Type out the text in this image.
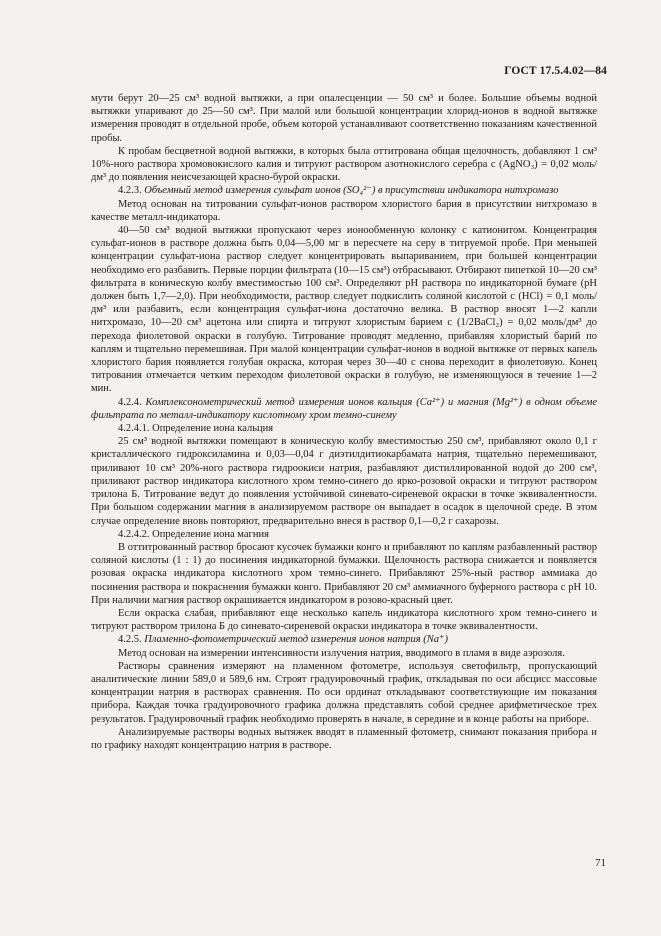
ГОСТ 17.5.4.02—84

мути берут 20—25 см³ водной вытяжки, а при опалесценции — 50 см³ и более. Большие объемы водной вытяжки упаривают до 25—50 см³. При малой или большой концентрации хлорид-ионов в водной вытяжке измерения проводят в отдельной пробе, объем которой устанавливают соответственно показаниям качественной пробы.

К пробам бесцветной водной вытяжки, в которых была оттитрована общая щелочность, добавляют 1 см³ 10%-ного раствора хромовокислого калия и титруют раствором азотнокислого серебра c (AgNO₃) = 0,02 моль/дм³ до появления неисчезающей красно-бурой окраски.

4.2.3. Объемный метод измерения сульфат ионов (SO₄²⁻) в присутствии индикатора нитхромазо

Метод основан на титровании сульфат-ионов раствором хлористого бария в присутствии нитхромазо в качестве металл-индикатора.

40—50 см³ водной вытяжки пропускают через ионообменную колонку с катионитом. Концентрация сульфат-ионов в растворе должна быть 0,04—5,00 мг в пересчете на серу в титруемой пробе. При меньшей концентрации сульфат-иона раствор следует концентрировать выпариванием, при большей концентрации необходимо его разбавить. Первые порции фильтрата (10—15 см³) отбрасывают. Отбирают пипеткой 10—20 см³ фильтрата в коническую колбу вместимостью 100 см³. Определяют pH раствора по индикаторной бумаге (pH должен быть 1,7—2,0). При необходимости, раствор следует подкислить соляной кислотой c (HCl) = 0,1 моль/дм³ или разбавить, если концентрация сульфат-иона достаточно велика. В раствор вносят 1—2 капли нитхромазо, 10—20 см³ ацетона или спирта и титруют хлористым барием c (1/2BaCl₂) = 0,02 моль/дм³ до перехода фиолетовой окраски в голубую. Титрование проводят медленно, прибавляя хлористый барий по каплям и тщательно перемешивая. При малой концентрации сульфат-ионов в водной вытяжке от первых капель хлористого бария появляется голубая окраска, которая через 30—40 с снова переходит в фиолетовую. Конец титрования отмечается четким переходом фиолетовой окраски в голубую, не изменяющуюся в течение 1—2 мин.

4.2.4. Комплексонометрический метод измерения ионов кальция (Ca²⁺) и магния (Mg²⁺) в одном объеме фильтрата по металл-индикатору кислотному хром темно-синему

4.2.4.1. Определение иона кальция

25 см³ водной вытяжки помещают в коническую колбу вместимостью 250 см³, прибавляют около 0,1 г кристаллического гидроксиламина и 0,03—0,04 г диэтилдитиокарбамата натрия, тщательно перемешивают, приливают 10 см³ 20%-ного раствора гидроокиси натрия, разбавляют дистиллированной водой до 200 см³, приливают раствор индикатора кислотного хром темно-синего до ярко-розовой окраски и титруют раствором трилона Б. Титрование ведут до появления устойчивой синевато-сиреневой окраски в точке эквивалентности. При большом содержании магния в анализируемом растворе он выпадает в осадок в щелочной среде. В этом случае определение вновь повторяют, предварительно внеся в раствор 0,1—0,2 г сахарозы.

4.2.4.2. Определение иона магния

В оттитрованный раствор бросают кусочек бумажки конго и прибавляют по каплям разбавленный раствор соляной кислоты (1 : 1) до посинения индикаторной бумажки. Щелочность раствора снижается и появляется розовая окраска индикатора кислотного хром темно-синего. Прибавляют 25%-ный раствор аммиака до посинения раствора и покраснения бумажки конго. Прибавляют 20 см³ аммиачного буферного раствора с pH 10. При наличии магния раствор окрашивается индикатором в розово-красный цвет.

Если окраска слабая, прибавляют еще несколько капель индикатора кислотного хром темно-синего и титруют раствором трилона Б до синевато-сиреневой окраски индикатора в точке эквивалентности.

4.2.5. Пламенно-фотометрический метод измерения ионов натрия (Na⁺)

Метод основан на измерении интенсивности излучения натрия, вводимого в пламя в виде аэрозоля.

Растворы сравнения измеряют на пламенном фотометре, используя светофильтр, пропускающий аналитические линии 589,0 и 589,6 нм. Строят градуировочный график, откладывая по оси абсцисс массовые концентрации натрия в растворах сравнения. По оси ординат откладывают соответствующие им показания прибора. Каждая точка градуировочного графика должна представлять собой среднее арифметическое трех результатов. Градуировочный график необходимо проверять в начале, в середине и в конце работы на приборе.

Анализируемые растворы водных вытяжек вводят в пламенный фотометр, снимают показания прибора и по графику находят концентрацию натрия в растворе.

71
